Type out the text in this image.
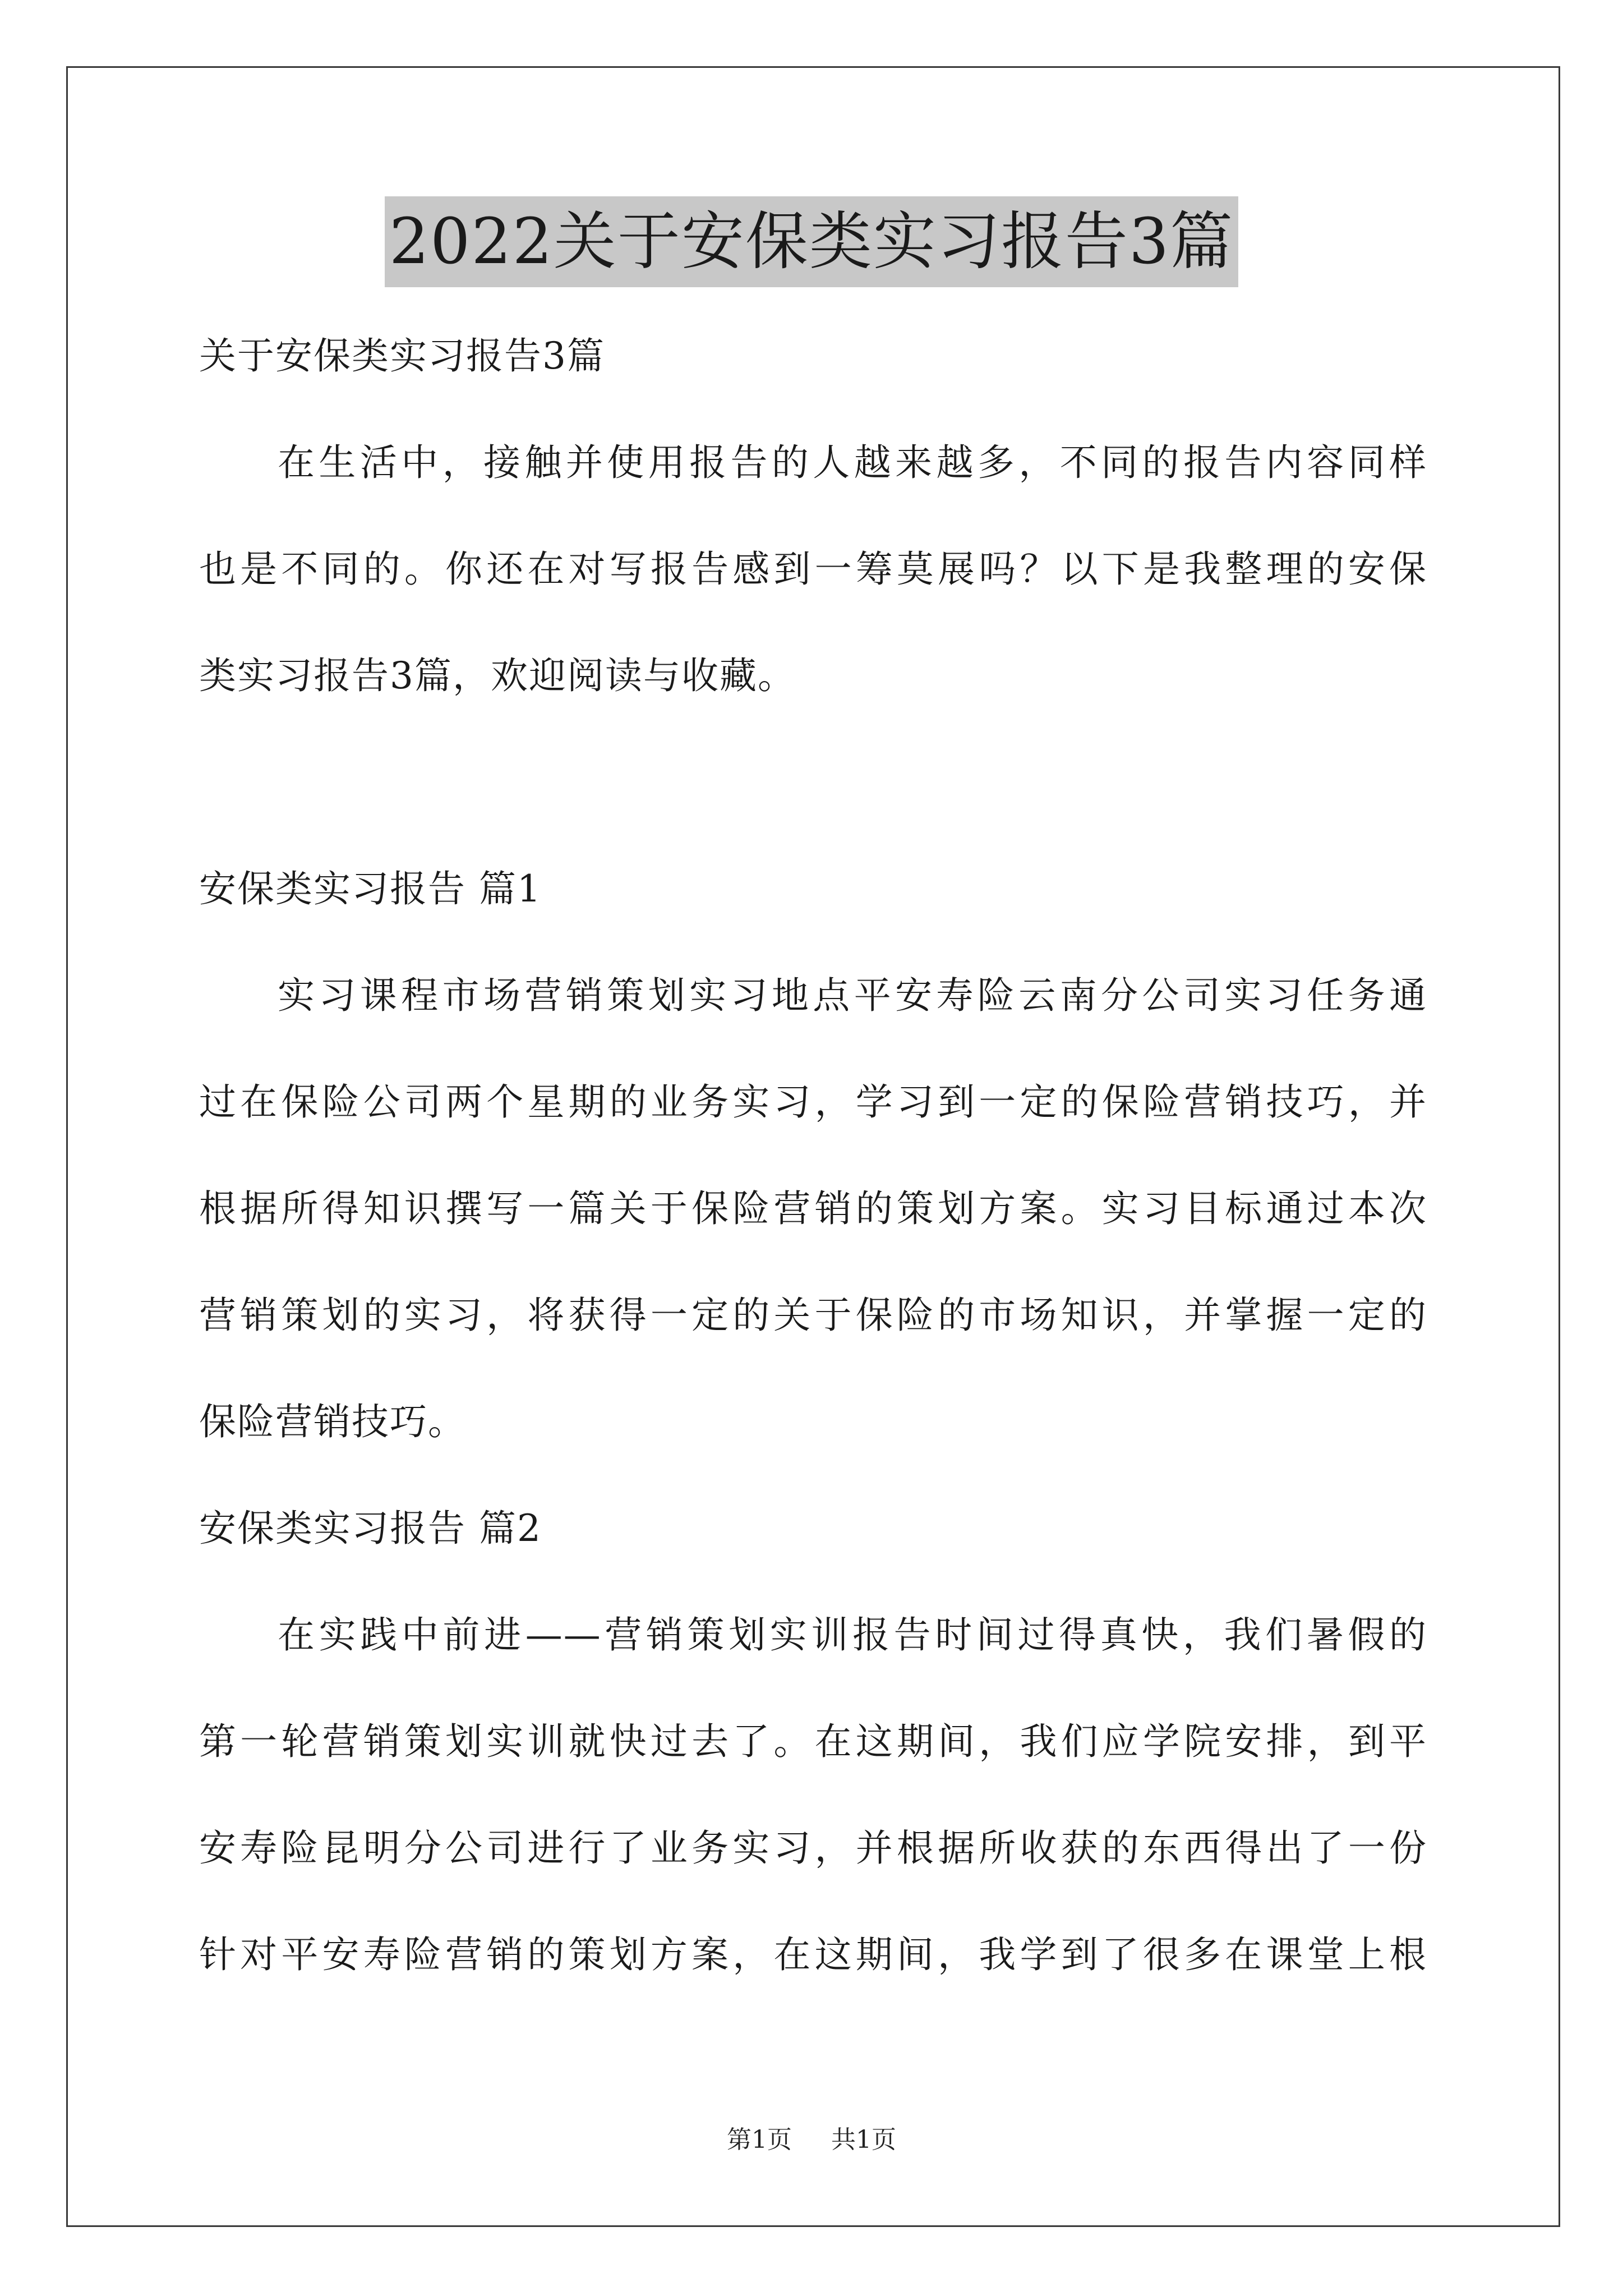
2022关于安保类实习报告3篇
关于安保类实习报告3篇
在生活中，接触并使用报告的人越来越多，不同的报告内容同样
也是不同的。你还在对写报告感到一筹莫展吗？以下是我整理的安保
类实习报告3篇，欢迎阅读与收藏。
安保类实习报告 篇1
实习课程市场营销策划实习地点平安寿险云南分公司实习任务通
过在保险公司两个星期的业务实习，学习到一定的保险营销技巧，并
根据所得知识撰写一篇关于保险营销的策划方案。实习目标通过本次
营销策划的实习，将获得一定的关于保险的市场知识，并掌握一定的
保险营销技巧。
安保类实习报告 篇2
在实践中前进——营销策划实训报告时间过得真快，我们暑假的
第一轮营销策划实训就快过去了。在这期间，我们应学院安排，到平
安寿险昆明分公司进行了业务实习，并根据所收获的东西得出了一份
针对平安寿险营销的策划方案，在这期间，我学到了很多在课堂上根
第1页 共1页
